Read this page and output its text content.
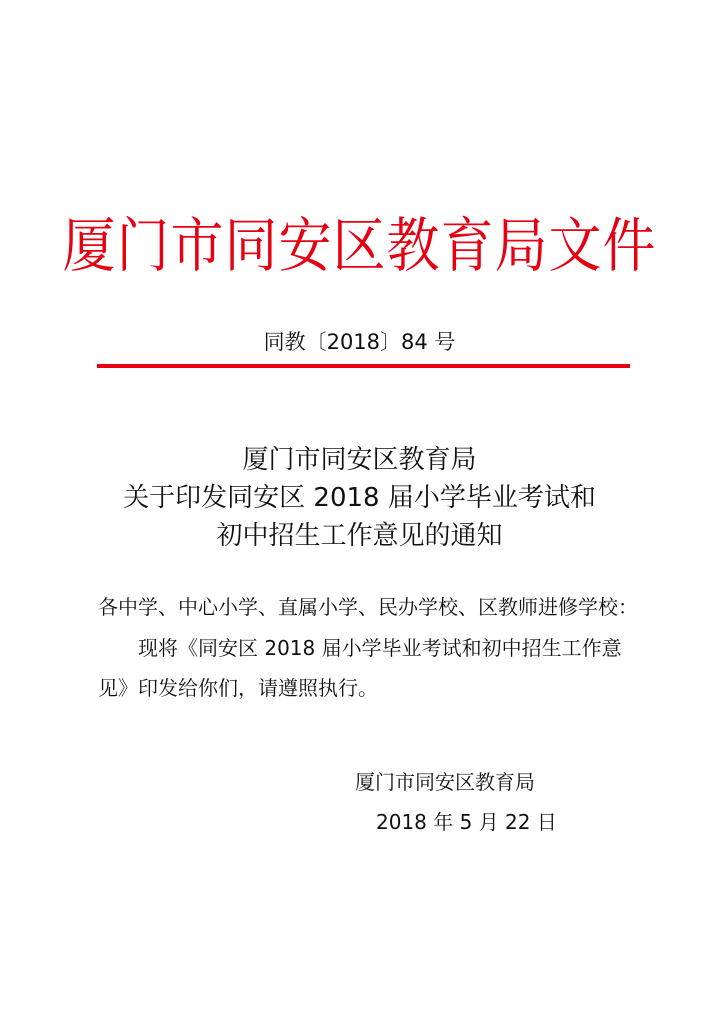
厦门市同安区教育局文件
同教〔2018〕84 号
厦门市同安区教育局
关于印发同安区 2018 届小学毕业考试和
初中招生工作意见的通知
各中学、中心小学、直属小学、民办学校、区教师进修学校：
现将《同安区 2018 届小学毕业考试和初中招生工作意
见》印发给你们，请遵照执行。
厦门市同安区教育局
2018 年 5 月 22 日
